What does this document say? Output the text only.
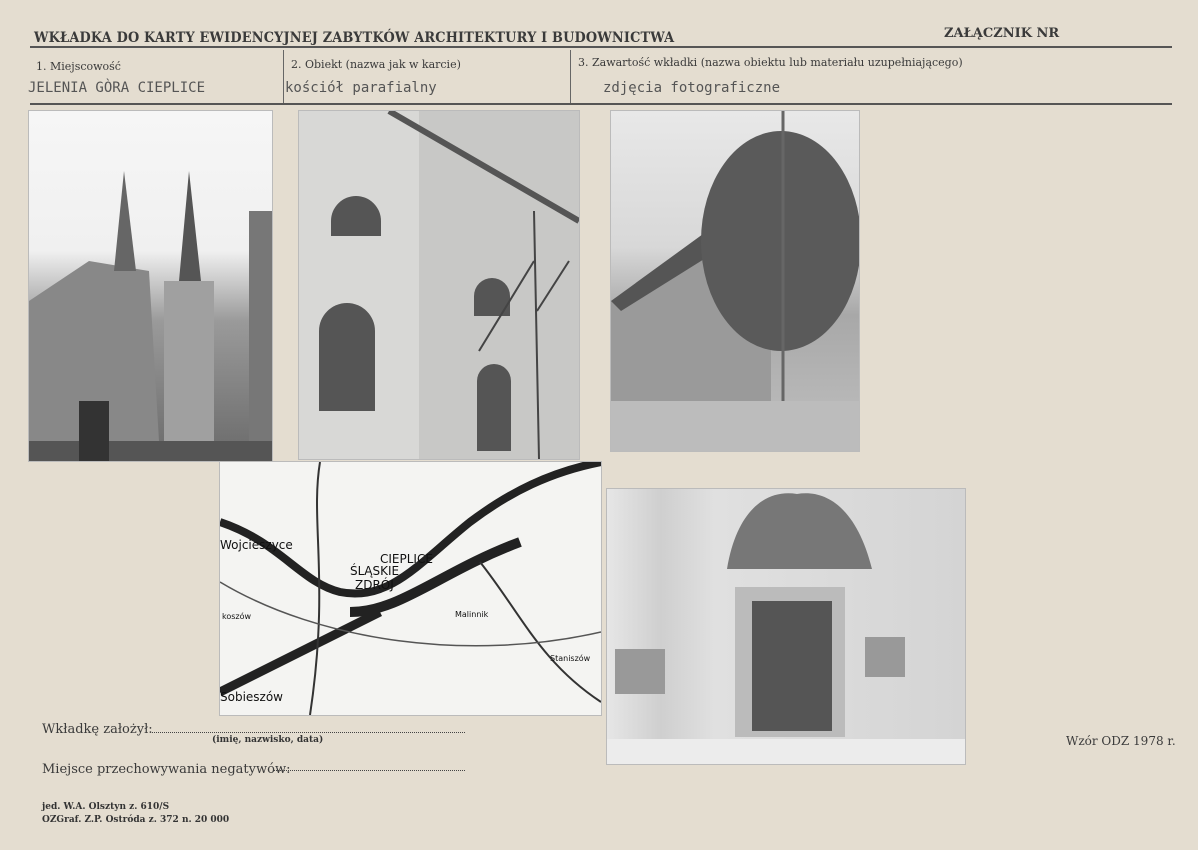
WKŁADKA DO KARTY EWIDENCYJNEJ ZABYTKÓW ARCHITEKTURY I BUDOWNICTWA	ZAŁĄCZNIK NR
1. Miejscowość
JELENIA GÒRA CIEPLICE
2. Obiekt (nazwa jak w karcie)
kościół parafialny
3. Zawartość wkładki (nazwa obiektu lub materiału uzupełniającego)
zdjęcia fotograficzne
Wojcieszyce
CIEPLICE
ŚLĄSKIE
ZDRÓJ
Malinnik
Staniszów
Sobieszów
koszów
Wkładkę założył:
(imię, nazwisko, data)
Miejsce przechowywania negatywów:
jed. W.A. Olsztyn z. 610/S
OZGraf. Z.P. Ostróda z. 372 n. 20 000
Wzór ODZ 1978 r.
